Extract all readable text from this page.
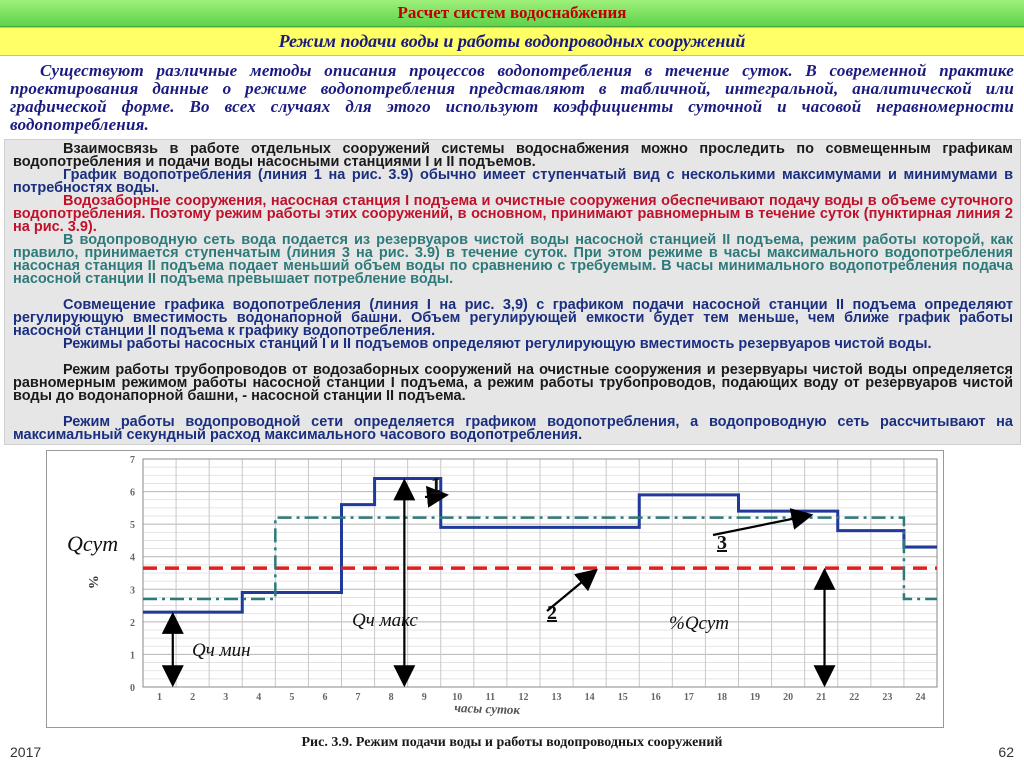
Расчет систем водоснабжения
Режим подачи воды и работы водопроводных сооружений
Существуют различные методы описания процессов водопотребления в течение суток. В современной практике проектирования данные о режиме водопотребления представляют в табличной, интегральной, аналитической или графической форме. Во всех случаях для этого используют коэффициенты суточной и часовой неравномерности водопотребления.
Взаимосвязь в работе отдельных сооружений системы водоснабжения можно проследить по совмещенным графикам водопотребления и подачи воды насосными станциями I и II подъемов.
График водопотребления (линия 1 на рис. 3.9) обычно имеет ступенчатый вид с несколькими максимумами и минимумами в потребностях воды.
Водозаборные сооружения, насосная станция I подъема и очистные сооружения обеспечивают подачу воды в объеме суточного водопотребления. Поэтому режим работы этих сооружений, в основном, принимают равномерным в течение суток (пунктирная линия 2 на рис. 3.9).
В водопроводную сеть вода подается из резервуаров чистой воды насосной станцией II подъема, режим работы которой, как правило, принимается ступенчатым (линия 3 на рис. 3.9) в течение суток. При этом режиме в часы максимального водопотребления насосная станция II подъема подает меньший объем воды по сравнению с требуемым. В часы минимального водопотребления подача насосной станции II подъема превышает потребление воды.
Совмещение графика водопотребления (линия I на рис. 3,9) с графиком подачи насосной станции II подъема определяют регулирующую вместимость водонапорной башни. Объем регулирующей емкости будет тем меньше, чем ближе график работы насосной станции II подъема к графику водопотребления.
Режимы работы насосных станций I и II подъемов определяют регулирующую вместимость резервуаров чистой воды.
Режим работы трубопроводов от водозаборных сооружений на очистные сооружения и резервуары чистой воды определяется равномерным режимом работы насосной станции I подъема, а режим работы трубопроводов, подающих воду от резервуаров чистой воды до водонапорной башни, - насосной станции II подъема.
Режим работы водопроводной сети определяется графиком водопотребления, а водопроводную сеть рассчитывают на максимальный секундный расход максимального часового водопотребления.
0
1
2
3
4
5
6
7
1	2	3	4	5	6	7	8	9	10 11 12 13 14 15 16 17 18 19 20 21 22 23 24
часы суток
Qсут
%
1
3
2
Qч мин
Qч макс	%Qсут
Рис. 3.9. Режим подачи воды и работы водопроводных сооружений
2017	62
